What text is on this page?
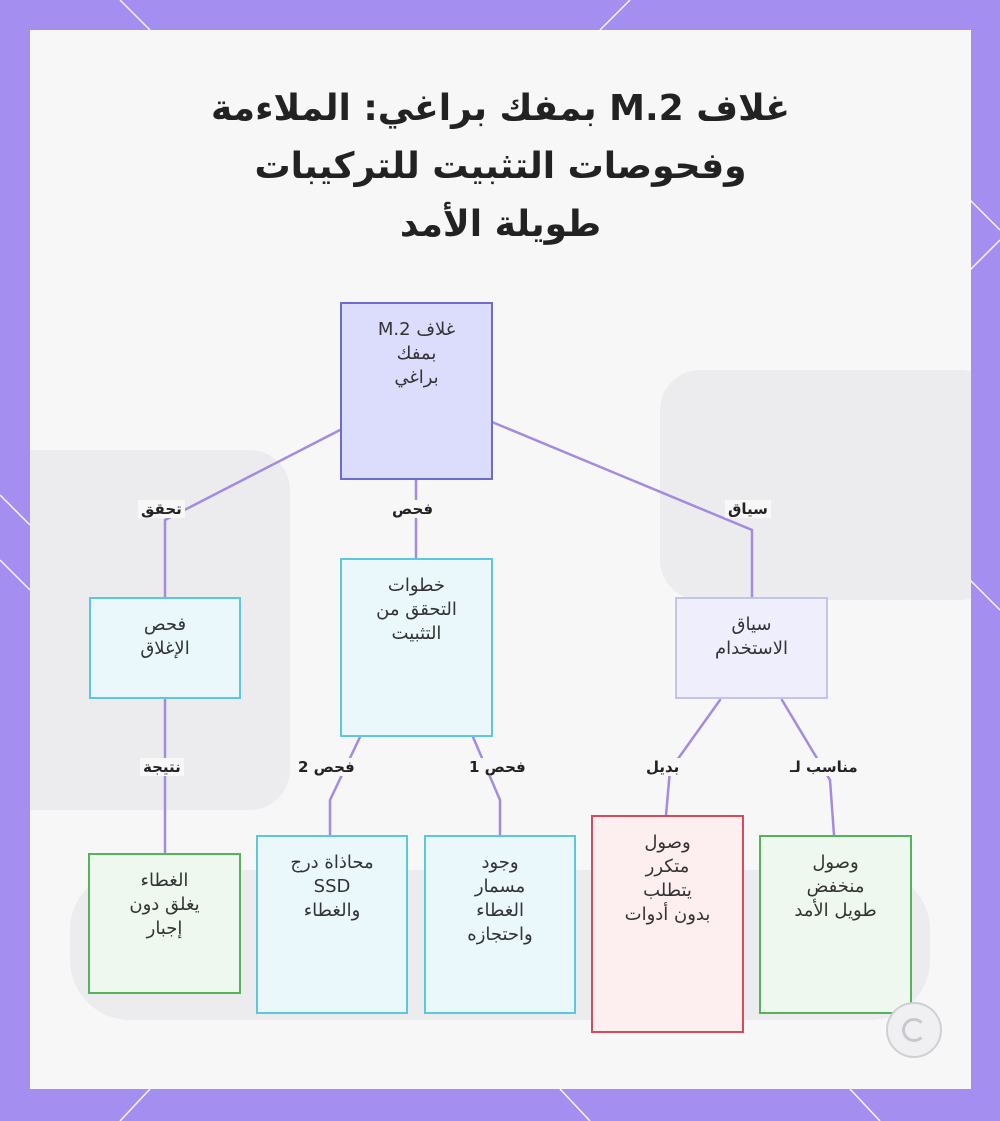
غلاف M.2 بمفك براغي: الملاءمة
وفحوصات التثبيت للتركيبات
طويلة الأمد
تحقق	فحص	سياق
نتيجة	فحص 2	فحص 1	بديل	مناسب لـ
غلاف M.2
بمفك
براغي
فحص
الإغلاق
خطوات
التحقق من
التثبيت	سياق
الاستخدام
الغطاء
يغلق دون
إجبار
محاذاة درج
SSD
والغطاء
وجود
مسمار
الغطاء
واحتجازه
وصول
متكرر
يتطلب
بدون أدوات
وصول
منخفض
طويل الأمد
